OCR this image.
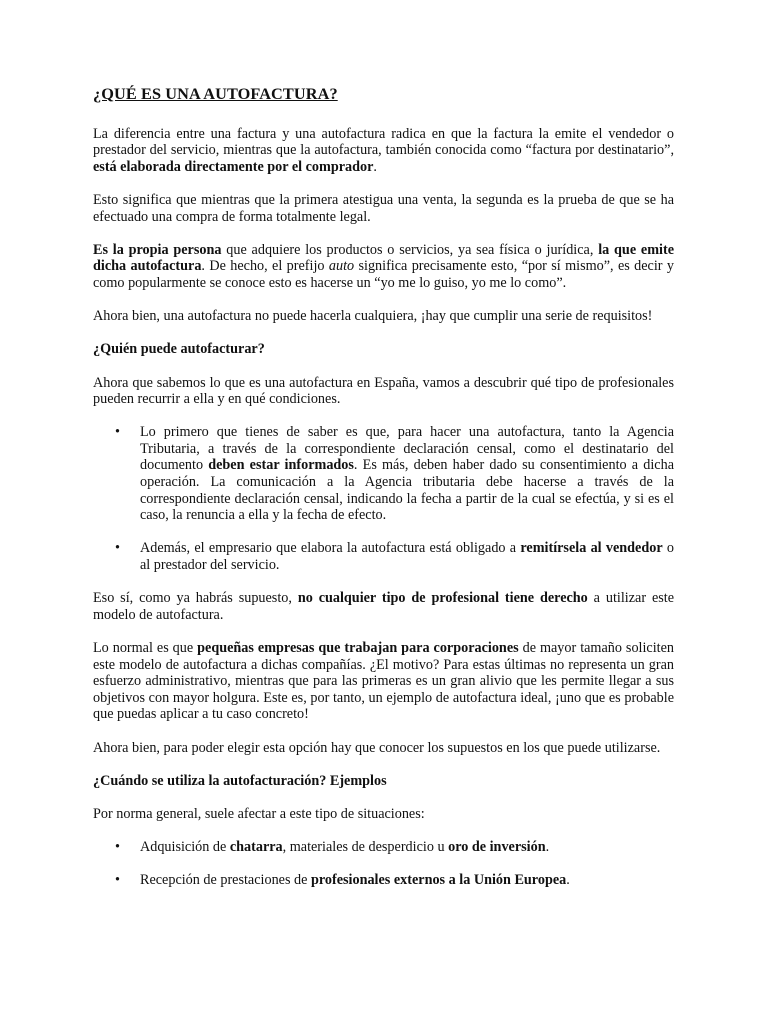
¿QUÉ ES UNA AUTOFACTURA?

La diferencia entre una factura y una autofactura radica en que la factura la emite el vendedor o prestador del servicio, mientras que la autofactura, también conocida como “factura por destinatario”, está elaborada directamente por el comprador.

Esto significa que mientras que la primera atestigua una venta, la segunda es la prueba de que se ha efectuado una compra de forma totalmente legal.

Es la propia persona que adquiere los productos o servicios, ya sea física o jurídica, la que emite dicha autofactura. De hecho, el prefijo auto significa precisamente esto, “por sí mismo”, es decir y como popularmente se conoce esto es hacerse un “yo me lo guiso, yo me lo como”.

Ahora bien, una autofactura no puede hacerla cualquiera, ¡hay que cumplir una serie de requisitos!

¿Quién puede autofacturar?

Ahora que sabemos lo que es una autofactura en España, vamos a descubrir qué tipo de profesionales pueden recurrir a ella y en qué condiciones.

• Lo primero que tienes de saber es que, para hacer una autofactura, tanto la Agencia Tributaria, a través de la correspondiente declaración censal, como el destinatario del documento deben estar informados. Es más, deben haber dado su consentimiento a dicha operación. La comunicación a la Agencia tributaria debe hacerse a través de la correspondiente declaración censal, indicando la fecha a partir de la cual se efectúa, y si es el caso, la renuncia a ella y la fecha de efecto.
• Además, el empresario que elabora la autofactura está obligado a remitírsela al vendedor o al prestador del servicio.

Eso sí, como ya habrás supuesto, no cualquier tipo de profesional tiene derecho a utilizar este modelo de autofactura.

Lo normal es que pequeñas empresas que trabajan para corporaciones de mayor tamaño soliciten este modelo de autofactura a dichas compañías. ¿El motivo? Para estas últimas no representa un gran esfuerzo administrativo, mientras que para las primeras es un gran alivio que les permite llegar a sus objetivos con mayor holgura. Este es, por tanto, un ejemplo de autofactura ideal, ¡uno que es probable que puedas aplicar a tu caso concreto!

Ahora bien, para poder elegir esta opción hay que conocer los supuestos en los que puede utilizarse.

¿Cuándo se utiliza la autofacturación? Ejemplos

Por norma general, suele afectar a este tipo de situaciones:

• Adquisición de chatarra, materiales de desperdicio u oro de inversión.
• Recepción de prestaciones de profesionales externos a la Unión Europea.
